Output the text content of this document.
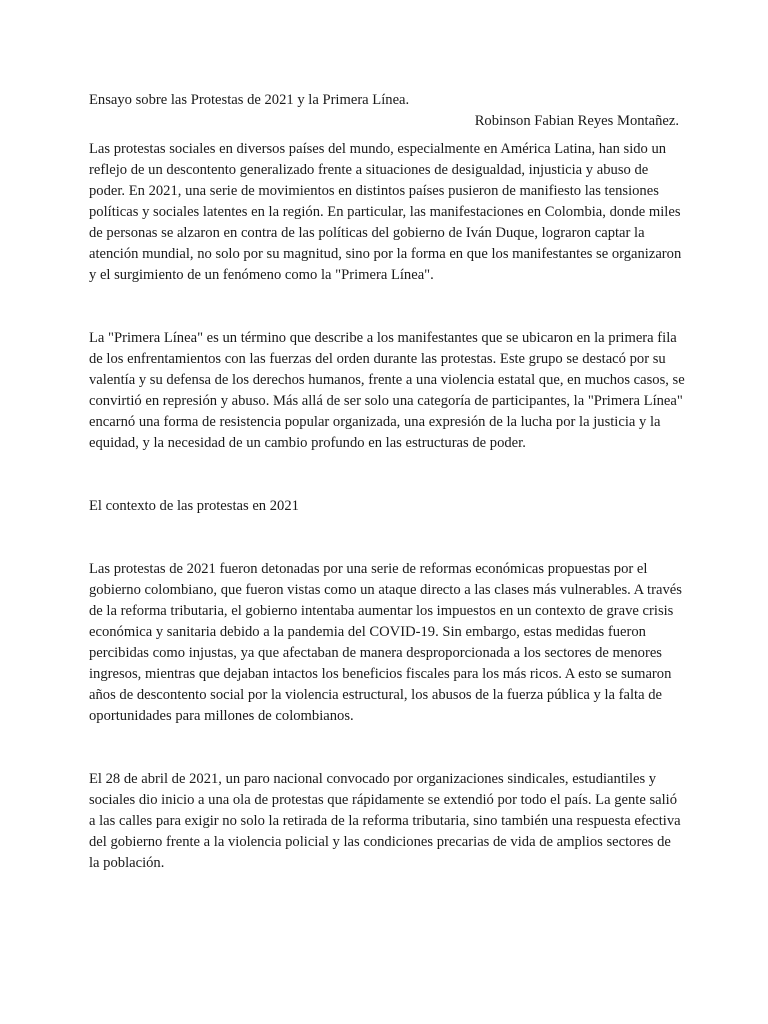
Ensayo sobre las Protestas de 2021 y la Primera Línea.

Robinson Fabian Reyes Montañez.

Las protestas sociales en diversos países del mundo, especialmente en América Latina, han sido un reflejo de un descontento generalizado frente a situaciones de desigualdad, injusticia y abuso de poder. En 2021, una serie de movimientos en distintos países pusieron de manifiesto las tensiones políticas y sociales latentes en la región. En particular, las manifestaciones en Colombia, donde miles de personas se alzaron en contra de las políticas del gobierno de Iván Duque, lograron captar la atención mundial, no solo por su magnitud, sino por la forma en que los manifestantes se organizaron y el surgimiento de un fenómeno como la "Primera Línea".

La "Primera Línea" es un término que describe a los manifestantes que se ubicaron en la primera fila de los enfrentamientos con las fuerzas del orden durante las protestas. Este grupo se destacó por su valentía y su defensa de los derechos humanos, frente a una violencia estatal que, en muchos casos, se convirtió en represión y abuso. Más allá de ser solo una categoría de participantes, la "Primera Línea" encarnó una forma de resistencia popular organizada, una expresión de la lucha por la justicia y la equidad, y la necesidad de un cambio profundo en las estructuras de poder.

El contexto de las protestas en 2021

Las protestas de 2021 fueron detonadas por una serie de reformas económicas propuestas por el gobierno colombiano, que fueron vistas como un ataque directo a las clases más vulnerables. A través de la reforma tributaria, el gobierno intentaba aumentar los impuestos en un contexto de grave crisis económica y sanitaria debido a la pandemia del COVID-19. Sin embargo, estas medidas fueron percibidas como injustas, ya que afectaban de manera desproporcionada a los sectores de menores ingresos, mientras que dejaban intactos los beneficios fiscales para los más ricos. A esto se sumaron años de descontento social por la violencia estructural, los abusos de la fuerza pública y la falta de oportunidades para millones de colombianos.

El 28 de abril de 2021, un paro nacional convocado por organizaciones sindicales, estudiantiles y sociales dio inicio a una ola de protestas que rápidamente se extendió por todo el país. La gente salió a las calles para exigir no solo la retirada de la reforma tributaria, sino también una respuesta efectiva del gobierno frente a la violencia policial y las condiciones precarias de vida de amplios sectores de la población.
